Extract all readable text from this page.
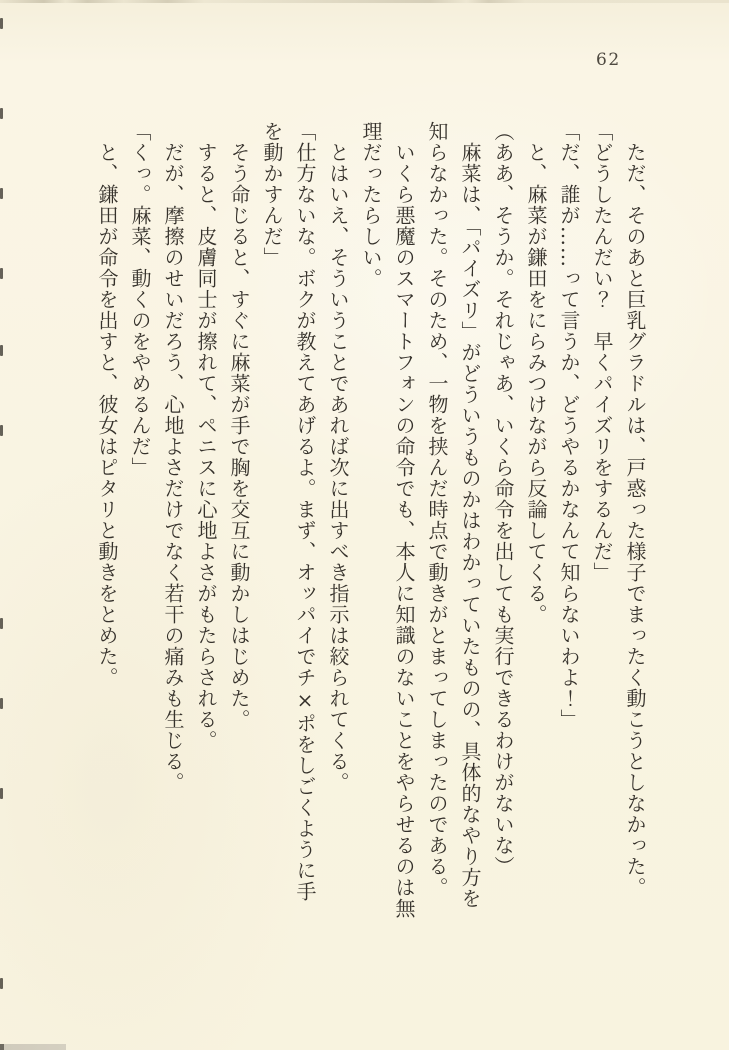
62

ただ、そのあと巨乳グラドルは、戸惑った様子でまったく動こうとしなかった。

「どうしたんだい？　早くパイズリをするんだ」

「だ、誰が……って言うか、どうやるかなんて知らないわよ！」

と、麻菜が鎌田をにらみつけながら反論してくる。

（ああ、そうか。それじゃあ、いくら命令を出しても実行できるわけがないな）

麻菜は、「パイズリ」がどういうものかはわかっていたものの、具体的なやり方を知らなかった。そのため、一物を挟んだ時点で動きがとまってしまったのである。

いくら悪魔のスマートフォンの命令でも、本人に知識のないことをやらせるのは無理だったらしい。

とはいえ、そういうことであれば次に出すべき指示は絞られてくる。

「仕方ないな。ボクが教えてあげるよ。まず、オッパイでチ×ポをしごくように手を動かすんだ」

そう命じると、すぐに麻菜が手で胸を交互に動かしはじめた。

すると、皮膚同士が擦れて、ペニスに心地よさがもたらされる。

だが、摩擦のせいだろう、心地よさだけでなく若干の痛みも生じる。

「くっ。麻菜、動くのをやめるんだ」

と、鎌田が命令を出すと、彼女はピタリと動きをとめた。
